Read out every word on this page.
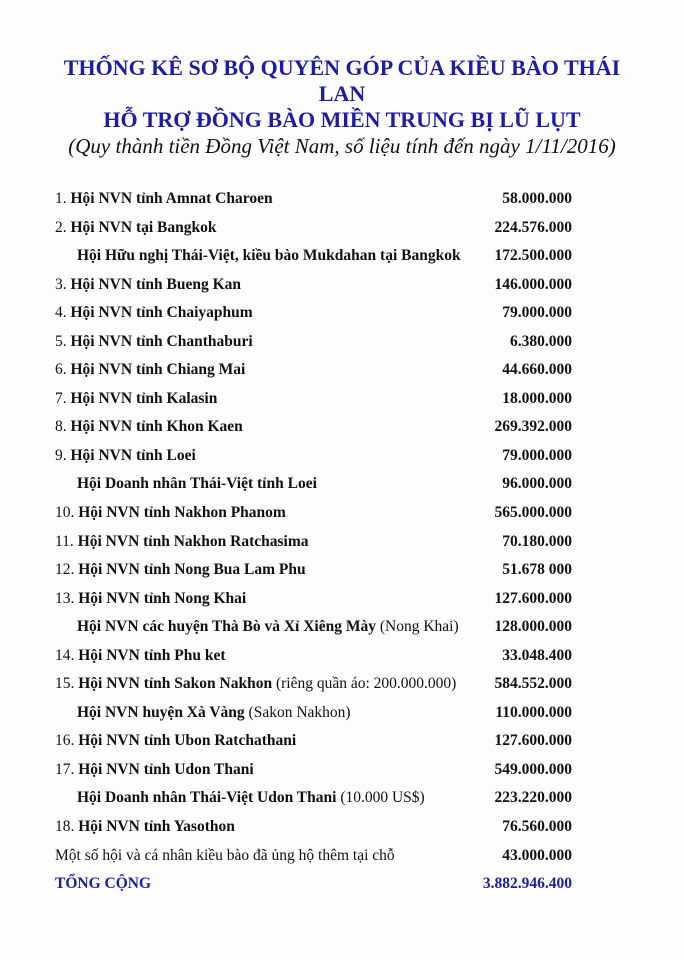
THỐNG KÊ SƠ BỘ QUYÊN GÓP CỦA KIỀU BÀO THÁI
LAN
HỖ TRỢ ĐỒNG BÀO MIỀN TRUNG BỊ LŨ LỤT
(Quy thành tiền Đồng Việt Nam, số liệu tính đến ngày 1/11/2016)
1. Hội NVN tỉnh Amnat Charoen	58.000.000
2. Hội NVN tại Bangkok	224.576.000
Hội Hữu nghị Thái-Việt, kiều bào Mukdahan tại Bangkok 172.500.000
3. Hội NVN tỉnh Bueng Kan	146.000.000
4. Hội NVN tỉnh Chaiyaphum	79.000.000
5. Hội NVN tỉnh Chanthaburi	6.380.000
6. Hội NVN tỉnh Chiang Mai	44.660.000
7. Hội NVN tỉnh Kalasin	18.000.000
8. Hội NVN tỉnh Khon Kaen	269.392.000
9. Hội NVN tỉnh Loei	79.000.000
Hội Doanh nhân Thái-Việt tỉnh Loei	96.000.000
10. Hội NVN tỉnh Nakhon Phanom	565.000.000
11. Hội NVN tỉnh Nakhon Ratchasima	70.180.000
12. Hội NVN tỉnh Nong Bua Lam Phu	51.678 000
13. Hội NVN tỉnh Nong Khai	127.600.000
Hội NVN các huyện Thà Bò và Xỉ Xiêng Mày (Nong Khai) 128.000.000
14. Hội NVN tỉnh Phu ket	33.048.400
15. Hội NVN tỉnh Sakon Nakhon (riêng quần áo: 200.000.000) 584.552.000
Hội NVN huyện Xà Vàng (Sakon Nakhon)	110.000.000
16. Hội NVN tỉnh Ubon Ratchathani	127.600.000
17. Hội NVN tỉnh Udon Thani	549.000.000
Hội Doanh nhân Thái-Việt Udon Thani (10.000 US$)	223.220.000
18. Hội NVN tỉnh Yasothon	76.560.000
Một số hội và cá nhân kiều bào đã ủng hộ thêm tại chỗ	43.000.000
TỔNG CỘNG	3.882.946.400
